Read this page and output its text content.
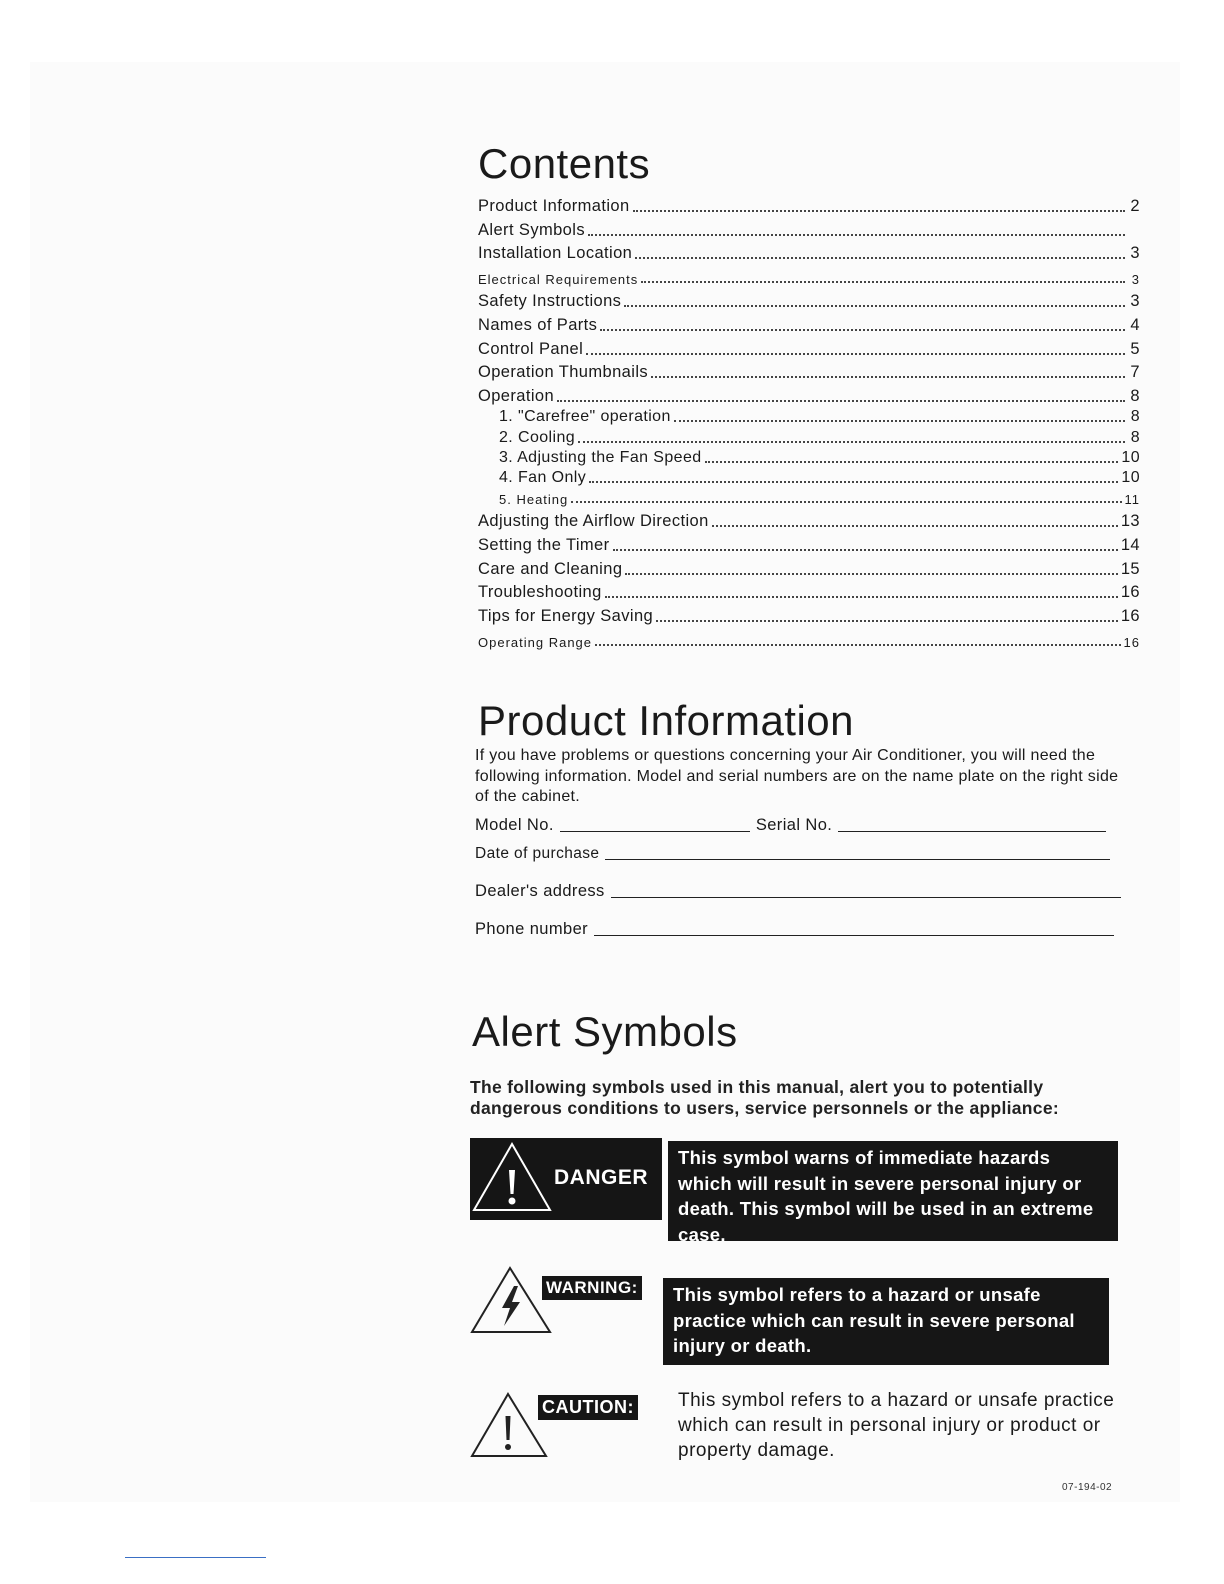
Contents
Product Information	2
Alert Symbols
Installation Location	3
Electrical Requirements	3
Safety Instructions	3
Names of Parts	4
Control Panel	5
Operation Thumbnails	7
Operation	8
1. "Carefree" operation	8
2. Cooling	8
3. Adjusting the Fan Speed	10
4. Fan Only	10
5. Heating	11
Adjusting the Airflow Direction	13
Setting the Timer	14
Care and Cleaning	15
Troubleshooting	16
Tips for Energy Saving	16
Operating Range	16
Product Information
If you have problems or questions concerning your Air Conditioner, you will need the following information. Model and serial numbers are on the name plate on the right side of the cabinet.
Model No.	Serial No.
Date of purchase
Dealer's address
Phone number
Alert Symbols
The following symbols used in this manual, alert you to potentially dangerous conditions to users, service personnels or the appliance:
DANGER
This symbol warns of immediate hazards which will result in severe personal injury or death. This symbol will be used in an extreme case.
WARNING:	This symbol refers to a hazard or unsafe practice which can result in severe personal injury or death.
CAUTION: This symbol refers to a hazard or unsafe practice which can result in personal injury or product or property damage.
07-194-02
